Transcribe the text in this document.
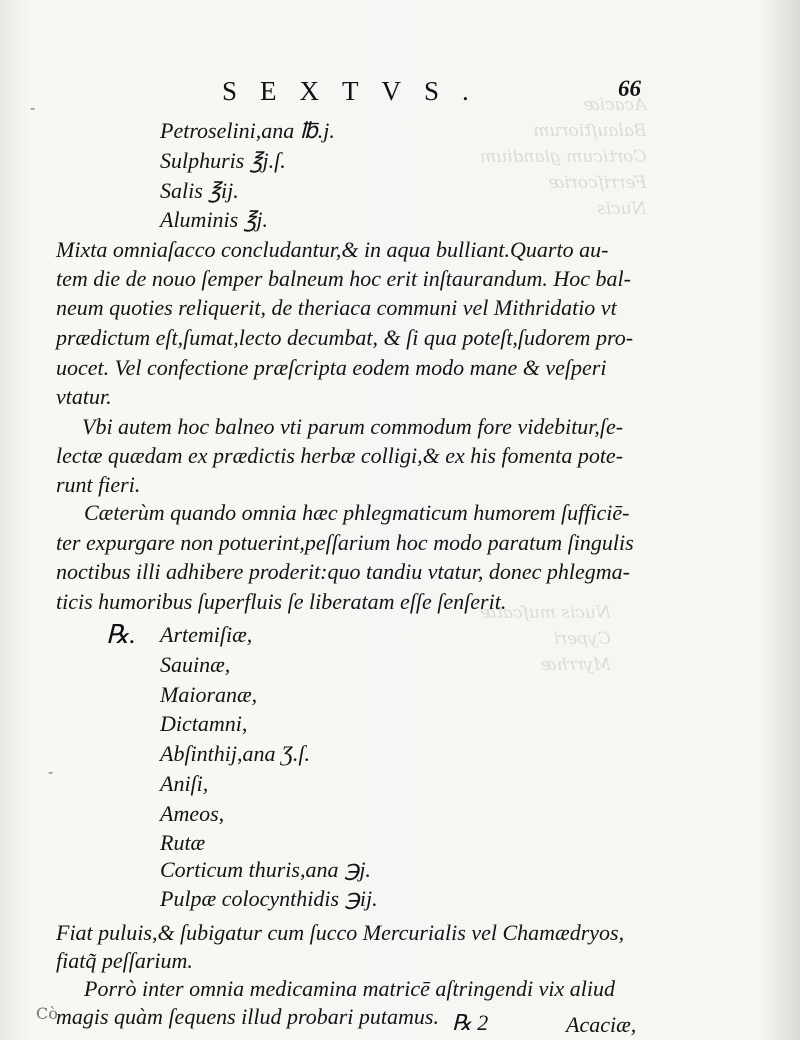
Acaciæ
Balauſtiorum
Corticum glandium
Ferriſcoriæ
Nucis
Nucis muſcatæ
Cyperi
Myrrhæ
SEXTVS.	66
-
-
Cò
Petroselini,ana ℔.j.
Sulphuris ℥j.ſ.
Salis ℥ij.
Aluminis ℥j.
Mixta omniaſacco concludantur,& in aqua bulliant.Quarto au-
tem die de nouo ſemper balneum hoc erit inſtaurandum. Hoc bal-
neum quoties reliquerit, de theriaca communi vel Mithridatio vt
prædictum eſt,ſumat,lecto decumbat, & ſi qua poteſt,ſudorem pro-
uocet. Vel confectione præſcripta eodem modo mane & veſperi
vtatur.
Vbi autem hoc balneo vti parum commodum fore videbitur,ſe-
lectæ quædam ex prædictis herbæ colligi,& ex his fomenta pote-
runt fieri.
Cæterùm quando omnia hæc phlegmaticum humorem ſufficiē-
ter expurgare non potuerint,peſſarium hoc modo paratum ſingulis
noctibus illi adhibere proderit:quo tandiu vtatur, donec phlegma-
ticis humoribus ſuperfluis ſe liberatam eſſe ſenſerit.
℞. Artemiſiæ,
Sauinæ,
Maioranæ,
Dictamni,
Abſinthij,ana Ʒ.ſ.
Aniſi,
Ameos,
Rutæ
Corticum thuris,ana ℈j.
Pulpæ colocynthidis ℈ij.
Fiat puluis,& ſubigatur cum ſucco Mercurialis vel Chamædryos,
fiatq̃ peſſarium.
Porrò inter omnia medicamina matricē aſtringendi vix aliud
magis quàm ſequens illud probari putamus. ℞ 2	Acaciæ,
